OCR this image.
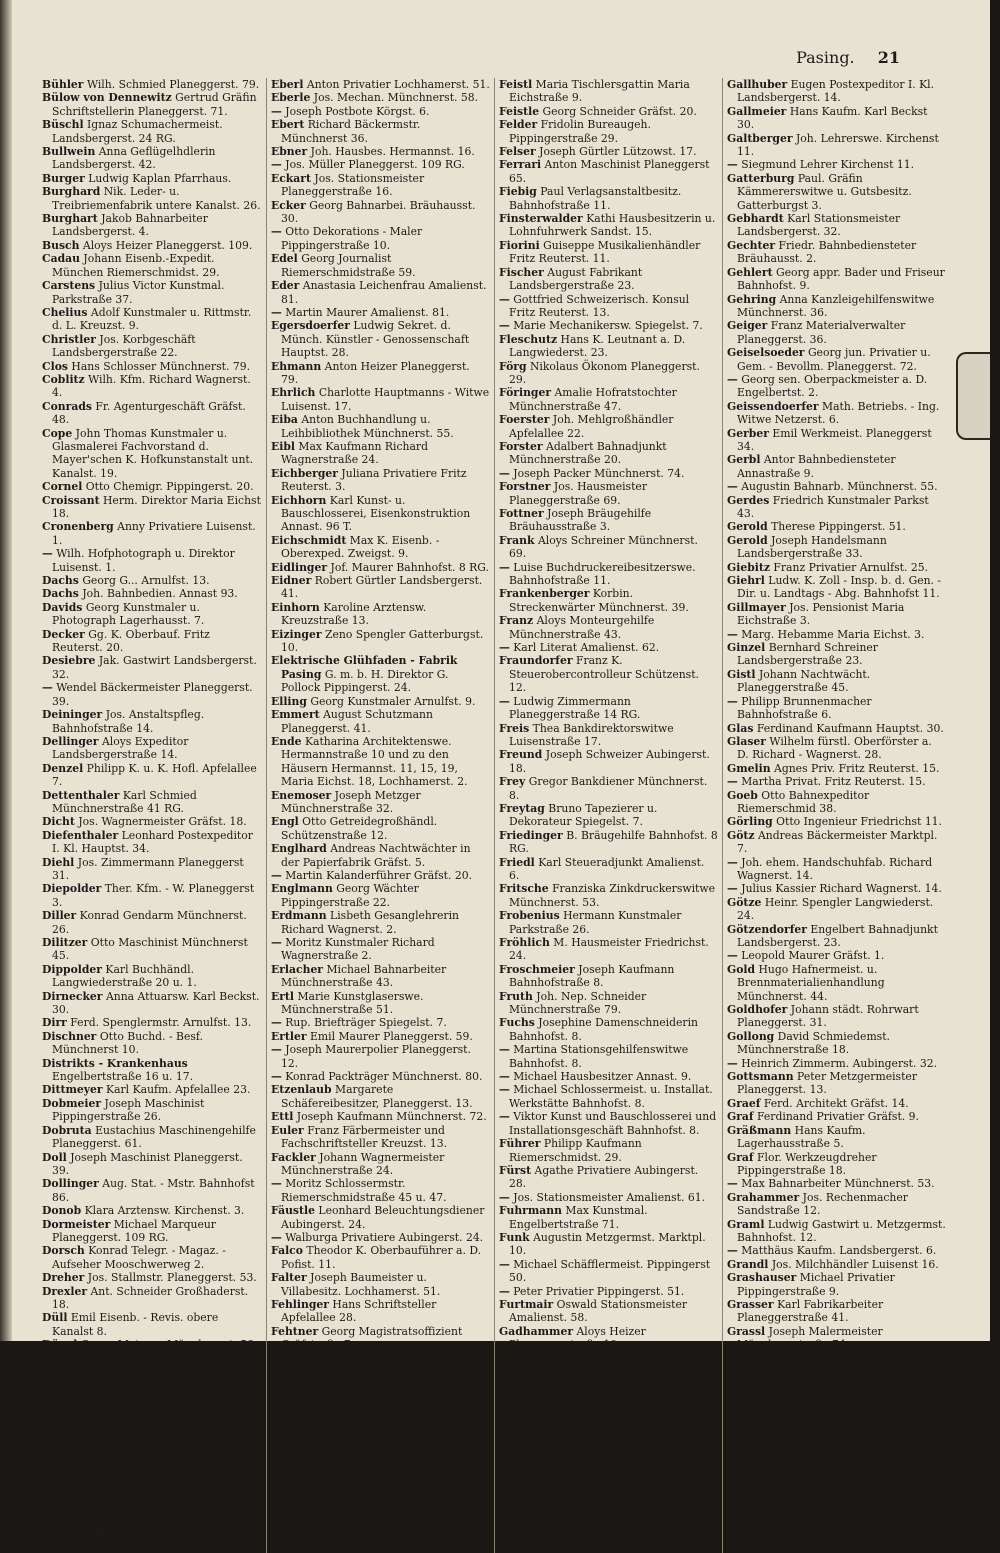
Pasing. 21
Bühler Wilh. Schmied Planeggerst. 79.
Bülow von Dennewitz Gertrud Gräfin Schriftstellerin Planeggerst. 71.
Büschl Ignaz Schumachermeist. Landsbergerst. 24 RG.
Bullwein Anna Geflügelhdlerin Landsbergerst. 42.
Burger Ludwig Kaplan Pfarrhaus.
Burghard Nik. Leder- u. Treibriemenfabrik untere Kanalst. 26.
Burghart Jakob Bahnarbeiter Landsbergerst. 4.
Busch Aloys Heizer Planeggerst. 109.
Cadau Johann Eisenb.-Expedit. München Riemerschmidst. 29.
Carstens Julius Victor Kunstmal. Parkstraße 37.
Chelius Adolf Kunstmaler u. Rittmstr. d. L. Kreuzst. 9.
Christler Jos. Korbgeschäft Landsbergerstraße 22.
Clos Hans Schlosser Münchnerst. 79.
Coblitz Wilh. Kfm. Richard Wagnerst. 4.
Conrads Fr. Agenturgeschäft Gräfst. 48.
Cope John Thomas Kunstmaler u. Glasmalerei Fachvorstand d. Mayer'schen K. Hofkunstanstalt unt. Kanalst. 19.
Cornel Otto Chemigr. Pippingerst. 20.
Croissant Herm. Direktor Maria Eichst 18.
Cronenberg Anny Privatiere Luisenst. 1.
— Wilh. Hofphotograph u. Direktor Luisenst. 1.
Dachs Georg G... Arnulfst. 13.
Dachs Joh. Bahnbedien. Annast 93.
Davids Georg Kunstmaler u. Photograph Lagerhausst. 7.
Decker Gg. K. Oberbauf. Fritz Reuterst. 20.
Desiebre Jak. Gastwirt Landsbergerst. 32.
— Wendel Bäckermeister Planeggerst. 39.
Deininger Jos. Anstaltspfleg. Bahnhofstraße 14.
Dellinger Aloys Expeditor Landsbergerstraße 14.
Denzel Philipp K. u. K. Hofl. Apfelallee 7.
Dettenthaler Karl Schmied Münchnerstraße 41 RG.
Dicht Jos. Wagnermeister Gräfst. 18.
Diefenthaler Leonhard Postexpeditor I. Kl. Hauptst. 34.
Diehl Jos. Zimmermann Planeggerst 31.
Diepolder Ther. Kfm. - W. Planeggerst 3.
Diller Konrad Gendarm Münchnerst. 26.
Dilitzer Otto Maschinist Münchnerst 45.
Dippolder Karl Buchhändl. Langwiederstraße 20 u. 1.
Dirnecker Anna Attuarsw. Karl Beckst. 30.
Dirr Ferd. Spenglermstr. Arnulfst. 13.
Dischner Otto Buchd. - Besf. Münchnerst 10.
Distrikts - Krankenhaus Engelbertstraße 16 u. 17.
Dittmeyer Karl Kaufm. Apfelallee 23.
Dobmeier Joseph Maschinist Pippingerstraße 26.
Dobruta Eustachius Maschinengehilfe Planeggerst. 61.
Doll Joseph Maschinist Planeggerst. 39.
Dollinger Aug. Stat. - Mstr. Bahnhofst 86.
Donob Klara Arztensw. Kirchenst. 3.
Dormeister Michael Marqueur Planeggerst. 109 RG.
Dorsch Konrad Telegr. - Magaz. - Aufseher Mooschwerweg 2.
Dreher Jos. Stallmstr. Planeggerst. 53.
Drexler Ant. Schneider Großhaderst. 18.
Düll Emil Eisenb. - Revis. obere Kanalst 8.
Dünzl Georg Metzger Münchnerst. 58.
Dunkenberger And. Gend. Münchnerstraße 26.
Durchdenwald Georg Fabrikarb. Planeggerst. 59.
Dworkowitz Paul Pastor Planeggerst 7.
Ebeling Friedr. Beamter b. Münch. Rückverf. - Gesf. Friedrichst. 16.
— Hedwig Oberförstersw. Friedrichst 16.
Ebenhartinger Franz Maurerpolier Münchnerst. 72.
Eberhardt Max K. Postoffizial a. D. Landsbergerst. 42.
Eberhartinger Gg. Maurer Münchnerstraße 57.
Eberl Anton Privatier Lochhamerst. 51.
Eberle Jos. Mechan. Münchnerst. 58.
— Joseph Postbote Körgst. 6.
Ebert Richard Bäckermstr. Münchnerst 36.
Ebner Joh. Hausbes. Hermannst. 16.
— Jos. Müller Planeggerst. 109 RG.
Eckart Jos. Stationsmeister Planeggerstraße 16.
Ecker Georg Bahnarbei. Bräuhausst. 30.
— Otto Dekorations - Maler Pippingerstraße 10.
Edel Georg Journalist Riemerschmidstraße 59.
Eder Anastasia Leichenfrau Amalienst. 81.
— Martin Maurer Amalienst. 81.
Egersdoerfer Ludwig Sekret. d. Münch. Künstler - Genossenschaft Hauptst. 28.
Ehmann Anton Heizer Planeggerst. 79.
Ehrlich Charlotte Hauptmanns - Witwe Luisenst. 17.
Eiba Anton Buchhandlung u. Leihbibliothek Münchnerst. 55.
Eibl Max Kaufmann Richard Wagnerstraße 24.
Eichberger Juliana Privatiere Fritz Reuterst. 3.
Eichhorn Karl Kunst- u. Bauschlosserei, Eisenkonstruktion Annast. 96 T.
Eichschmidt Max K. Eisenb. - Oberexped. Zweigst. 9.
Eidlinger Jof. Maurer Bahnhofst. 8 RG.
Eidner Robert Gürtler Landsbergerst. 41.
Einhorn Karoline Arztensw. Kreuzstraße 13.
Eizinger Zeno Spengler Gatterburgst. 10.
Elektrische Glühfaden - Fabrik Pasing G. m. b. H. Direktor G. Pollock Pippingerst. 24.
Elling Georg Kunstmaler Arnulfst. 9.
Emmert August Schutzmann Planeggerst. 41.
Ende Katharina Architektenswe. Hermannstraße 10 und zu den Häusern Hermannst. 11, 15, 19, Maria Eichst. 18, Lochhamerst. 2.
Enemoser Joseph Metzger Münchnerstraße 32.
Engl Otto Getreidegroßhändl. Schützenstraße 12.
Englhard Andreas Nachtwächter in der Papierfabrik Gräfst. 5.
— Martin Kalanderführer Gräfst. 20.
Englmann Georg Wächter Pippingerstraße 22.
Erdmann Lisbeth Gesanglehrerin Richard Wagnerst. 2.
— Moritz Kunstmaler Richard Wagnerstraße 2.
Erlacher Michael Bahnarbeiter Münchnerstraße 43.
Ertl Marie Kunstglaserswe. Münchnerstraße 51.
— Rup. Briefträger Spiegelst. 7.
Ertler Emil Maurer Planeggerst. 59.
— Joseph Maurerpolier Planeggerst. 12.
— Konrad Packträger Münchnerst. 80.
Etzenlaub Margarete Schäfereibesitzer, Planeggerst. 13.
Ettl Joseph Kaufmann Münchnerst. 72.
Euler Franz Färbermeister und Fachschriftsteller Kreuzst. 13.
Fackler Johann Wagnermeister Münchnerstraße 24.
— Moritz Schlossermstr. Riemerschmidstraße 45 u. 47.
Fäustle Leonhard Beleuchtungsdiener Aubingerst. 24.
— Walburga Privatiere Aubingerst. 24.
Falco Theodor K. Oberbauführer a. D. Pofist. 11.
Falter Joseph Baumeister u. Villabesitz. Lochhamerst. 51.
Fehlinger Hans Schriftsteller Apfelallee 28.
Fehtner Georg Magistratsoffizient Gräfstraße 7.
Feichtmeier Martin Telegraphenarbeit. Pippingerst. 22 RG.
Feichtner Anna Bauführers - Witwe u. Hausbesitzerin Apfelallee 28.
Feistl Maria Tischlersgattin Maria Eichstraße 9.
Feistle Georg Schneider Gräfst. 20.
Felder Fridolin Bureaugeh. Pippingerstraße 29.
Felser Joseph Gürtler Lützowst. 17.
Ferrari Anton Maschinist Planeggerst 65.
Fiebig Paul Verlagsanstaltbesitz. Bahnhofstraße 11.
Finsterwalder Kathi Hausbesitzerin u. Lohnfuhrwerk Sandst. 15.
Fiorini Guiseppe Musikalienhändler Fritz Reuterst. 11.
Fischer August Fabrikant Landsbergerstraße 23.
— Gottfried Schweizerisch. Konsul Fritz Reuterst. 13.
— Marie Mechanikersw. Spiegelst. 7.
Fleschutz Hans K. Leutnant a. D. Langwiederst. 23.
Förg Nikolaus Ökonom Planeggerst. 29.
Föringer Amalie Hofratstochter Münchnerstraße 47.
Foerster Joh. Mehlgroßhändler Apfelallee 22.
Forster Adalbert Bahnadjunkt Münchnerstraße 20.
— Joseph Packer Münchnerst. 74.
Forstner Jos. Hausmeister Planeggerstraße 69.
Fottner Joseph Bräugehilfe Bräuhausstraße 3.
Frank Aloys Schreiner Münchnerst. 69.
— Luise Buchdruckereibesitzerswe. Bahnhofstraße 11.
Frankenberger Korbin. Streckenwärter Münchnerst. 39.
Franz Aloys Monteurgehilfe Münchnerstraße 43.
— Karl Literat Amalienst. 62.
Fraundorfer Franz K. Steuerobercontrolleur Schützenst. 12.
— Ludwig Zimmermann Planeggerstraße 14 RG.
Freis Thea Bankdirektorswitwe Luisenstraße 17.
Freund Joseph Schweizer Aubingerst. 18.
Frey Gregor Bankdiener Münchnerst. 8.
Freytag Bruno Tapezierer u. Dekorateur Spiegelst. 7.
Friedinger B. Bräugehilfe Bahnhofst. 8 RG.
Friedl Karl Steueradjunkt Amalienst. 6.
Fritsche Franziska Zinkdruckerswitwe Münchnerst. 53.
Frobenius Hermann Kunstmaler Parkstraße 26.
Fröhlich M. Hausmeister Friedrichst. 24.
Froschmeier Joseph Kaufmann Bahnhofstraße 8.
Fruth Joh. Nep. Schneider Münchnerstraße 79.
Fuchs Josephine Damenschneiderin Bahnhofst. 8.
— Martina Stationsgehilfenswitwe Bahnhofst. 8.
— Michael Hausbesitzer Annast. 9.
— Michael Schlossermeist. u. Installat. Werkstätte Bahnhofst. 8.
— Viktor Kunst und Bauschlosserei und Installationsgeschäft Bahnhofst. 8.
Führer Philipp Kaufmann Riemerschmidst. 29.
Fürst Agathe Privatiere Aubingerst. 28.
— Jos. Stationsmeister Amalienst. 61.
Fuhrmann Max Kunstmal. Engelbertstraße 71.
Funk Augustin Metzgermst. Marktpl. 10.
— Michael Schäfflermeist. Pippingerst 50.
— Peter Privatier Pippingerst. 51.
Furtmair Oswald Stationsmeister Amalienst. 58.
Gadhammer Aloys Heizer Planeggerstraße 10.
Gärtner Melch. Textilarbeiter Planeggerst. 69.
Gairing Pauline Strickerin Planeggerstraße 10 RG.
Gallenmüller Theod. Kond. Münchnerstraße 2 Ecke Marienplatz.
Gallhuber Eugen Postexpeditor I. Kl. Landsbergerst. 14.
Gallmeier Hans Kaufm. Karl Beckst 30.
Galtberger Joh. Lehrerswe. Kirchenst 11.
— Siegmund Lehrer Kirchenst 11.
Gatterburg Paul. Gräfin Kämmererswitwe u. Gutsbesitz. Gatterburgst 3.
Gebhardt Karl Stationsmeister Landsbergerst. 32.
Gechter Friedr. Bahnbediensteter Bräuhausst. 2.
Gehlert Georg appr. Bader und Friseur Bahnhofst. 9.
Gehring Anna Kanzleigehilfenswitwe Münchnerst. 36.
Geiger Franz Materialverwalter Planeggerst. 36.
Geiselsoeder Georg jun. Privatier u. Gem. - Bevollm. Planeggerst. 72.
— Georg sen. Oberpackmeister a. D. Engelbertst. 2.
Geissendoerfer Math. Betriebs. - Ing. Witwe Netzerst. 6.
Gerber Emil Werkmeist. Planeggerst 34.
Gerbl Antor Bahnbediensteter Annastraße 9.
— Augustin Bahnarb. Münchnerst. 55.
Gerdes Friedrich Kunstmaler Parkst 43.
Gerold Therese Pippingerst. 51.
Gerold Joseph Handelsmann Landsbergerstraße 33.
Giebitz Franz Privatier Arnulfst. 25.
Giehrl Ludw. K. Zoll - Insp. b. d. Gen. - Dir. u. Landtags - Abg. Bahnhofst 11.
Gillmayer Jos. Pensionist Maria Eichstraße 3.
— Marg. Hebamme Maria Eichst. 3.
Ginzel Bernhard Schreiner Landsbergerstraße 23.
Gistl Johann Nachtwächt. Planeggerstraße 45.
— Philipp Brunnenmacher Bahnhofstraße 6.
Glas Ferdinand Kaufmann Hauptst. 30.
Glaser Wilhelm fürstl. Oberförster a. D. Richard - Wagnerst. 28.
Gmelin Agnes Priv. Fritz Reuterst. 15.
— Martha Privat. Fritz Reuterst. 15.
Goeb Otto Bahnexpeditor Riemerschmid 38.
Görling Otto Ingenieur Friedrichst 11.
Götz Andreas Bäckermeister Marktpl. 7.
— Joh. ehem. Handschuhfab. Richard Wagnerst. 14.
— Julius Kassier Richard Wagnerst. 14.
Götze Heinr. Spengler Langwiederst. 24.
Götzendorfer Engelbert Bahnadjunkt Landsbergerst. 23.
— Leopold Maurer Gräfst. 1.
Gold Hugo Hafnermeist. u. Brennmaterialienhandlung Münchnerst. 44.
Goldhofer Johann städt. Rohrwart Planeggerst. 31.
Gollong David Schmiedemst. Münchnerstraße 18.
— Heinrich Zimmerm. Aubingerst. 32.
Gottsmann Peter Metzgermeister Planeggerst. 13.
Graef Ferd. Architekt Gräfst. 14.
Graf Ferdinand Privatier Gräfst. 9.
Gräßmann Hans Kaufm. Lagerhausstraße 5.
Graf Flor. Werkzeugdreher Pippingerstraße 18.
— Max Bahnarbeiter Münchnerst. 53.
Grahammer Jos. Rechenmacher Sandstraße 12.
Graml Ludwig Gastwirt u. Metzgermst. Bahnhofst. 12.
— Matthäus Kaufm. Landsbergerst. 6.
Grandl Jos. Milchhändler Luisenst 16.
Grashauser Michael Privatier Pippingerstraße 9.
Grasser Karl Fabrikarbeiter Planeggerstraße 41.
Grassl Joseph Malermeister Münchnerstraße 74.
Gratwohl Jakob Vorarbeiter Münchnerstraße 37.
Greger Marg. Krämerin Graefst. 8.
